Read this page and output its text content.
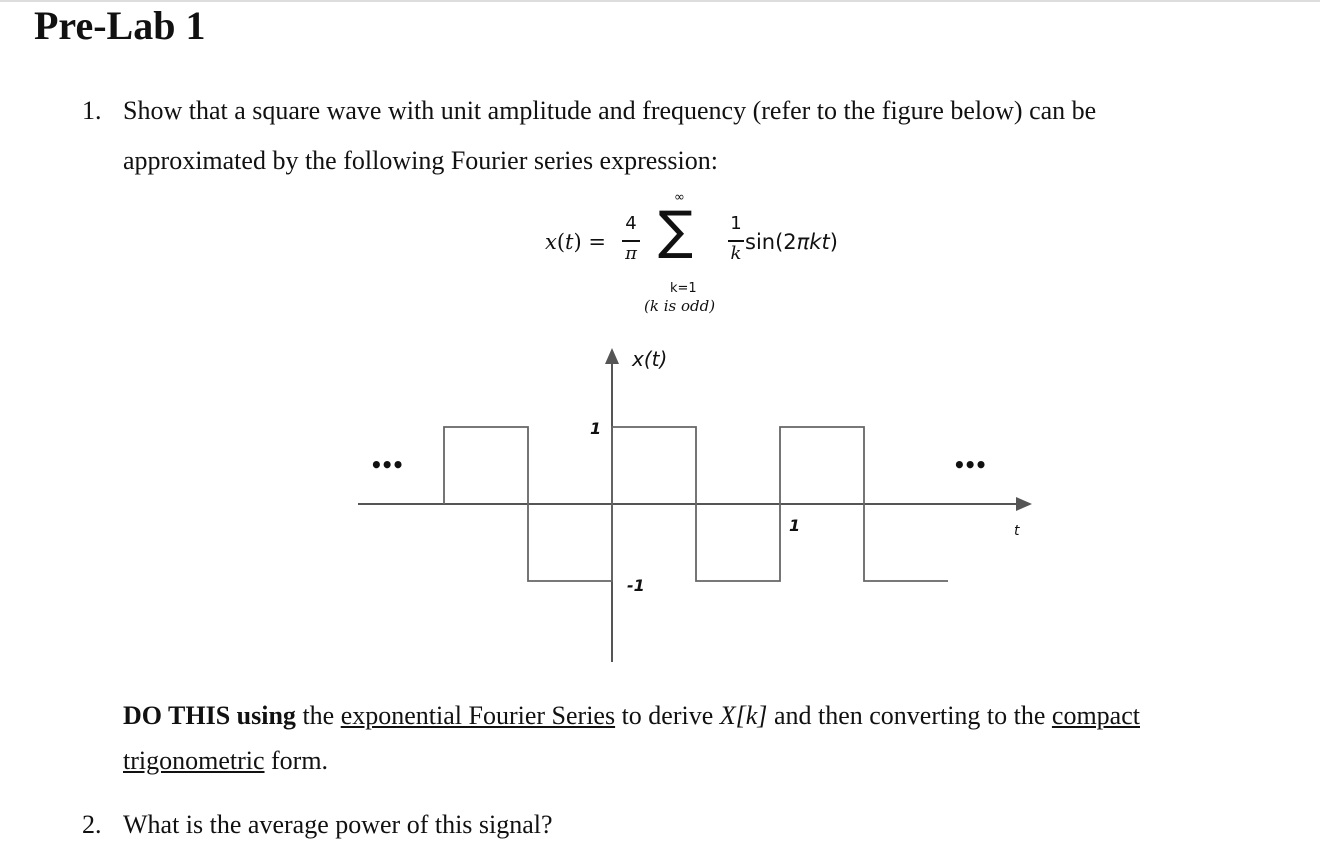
Pre-Lab 1
1. Show that a square wave with unit amplitude and frequency (refer to the figure below) can be
approximated by the following Fourier series expression:
x(t) =
4
π
∞
∑
k=1
(k is odd)
1
k sin(2πkt)
x(t)
t
1
-1
1
•••	•••
DO THIS using the exponential Fourier Series to derive X[k] and then converting to the compact
trigonometric form.
2. What is the average power of this signal?
